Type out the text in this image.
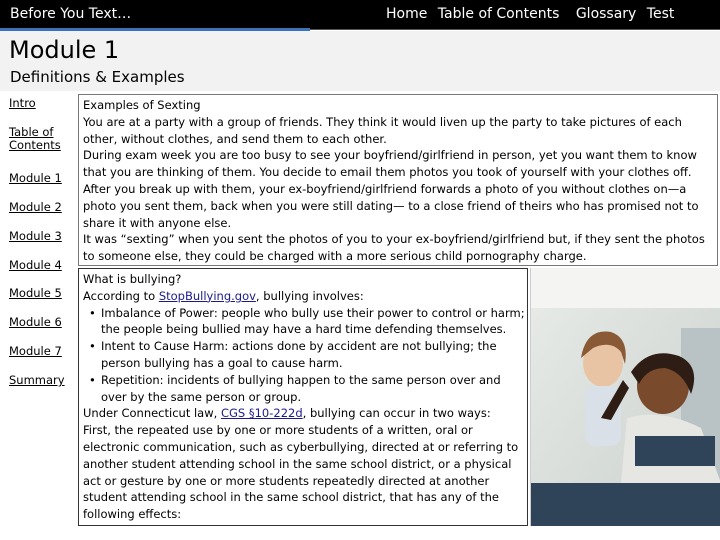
Before You Text…	Home Table of Contents Glossary Test
Module 1
Definitions & Examples
Intro
Table of
Contents
Module 1
Module 2
Module 3
Module 4
Module 5
Module 6
Module 7
Summary
Examples of Sexting
You are at a party with a group of friends. They think it would liven up the party to take pictures of each other, without clothes, and send them to each other.
During exam week you are too busy to see your boyfriend/girlfriend in person, yet you want them to know that you are thinking of them. You decide to email them photos you took of yourself with your clothes off.
After you break up with them, your ex-boyfriend/girlfriend forwards a photo of you without clothes on—a photo you sent them, back when you were still dating— to a close friend of theirs who has promised not to share it with anyone else.
It was “sexting” when you sent the photos of you to your ex-boyfriend/girlfriend but, if they sent the photos to someone else, they could be charged with a more serious child pornography charge.
What is bullying?
According to StopBullying.gov, bullying involves:
• Imbalance of Power: people who bully use their power to control or harm; the people being bullied may have a hard time defending themselves.
• Intent to Cause Harm: actions done by accident are not bullying; the person bullying has a goal to cause harm.
• Repetition: incidents of bullying happen to the same person over and over by the same person or group.
Under Connecticut law, CGS §10-222d, bullying can occur in two ways:
First, the repeated use by one or more students of a written, oral or electronic communication, such as cyberbullying, directed at or referring to another student attending school in the same school district, or a physical act or gesture by one or more students repeatedly directed at another student attending school in the same school district, that has any of the following effects:
